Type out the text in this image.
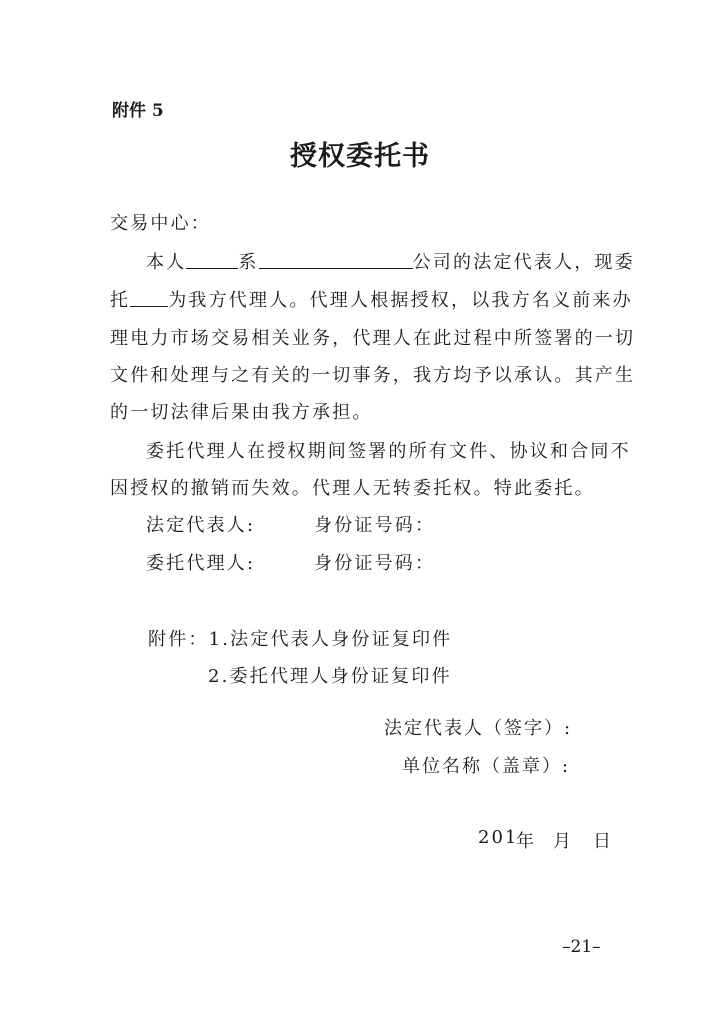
附件 5
授权委托书
交易中心：
本人	系	公司的法定代表人，现委
托 为我方代理人。代理人根据授权，以我方名义前来办
理电力市场交易相关业务，代理人在此过程中所签署的一切
文件和处理与之有关的一切事务，我方均予以承认。其产生
的一切法律后果由我方承担。
委托代理人在授权期间签署的所有文件、协议和合同不
因授权的撤销而失效。代理人无转委托权。特此委托。
法定代表人:	身份证号码：
委托代理人:	身份证号码：
附件：1.法定代表人身份证复印件
2.委托代理人身份证复印件
法定代表人（签字）:
单位名称（盖章）:
201
年 月 日
–21–
